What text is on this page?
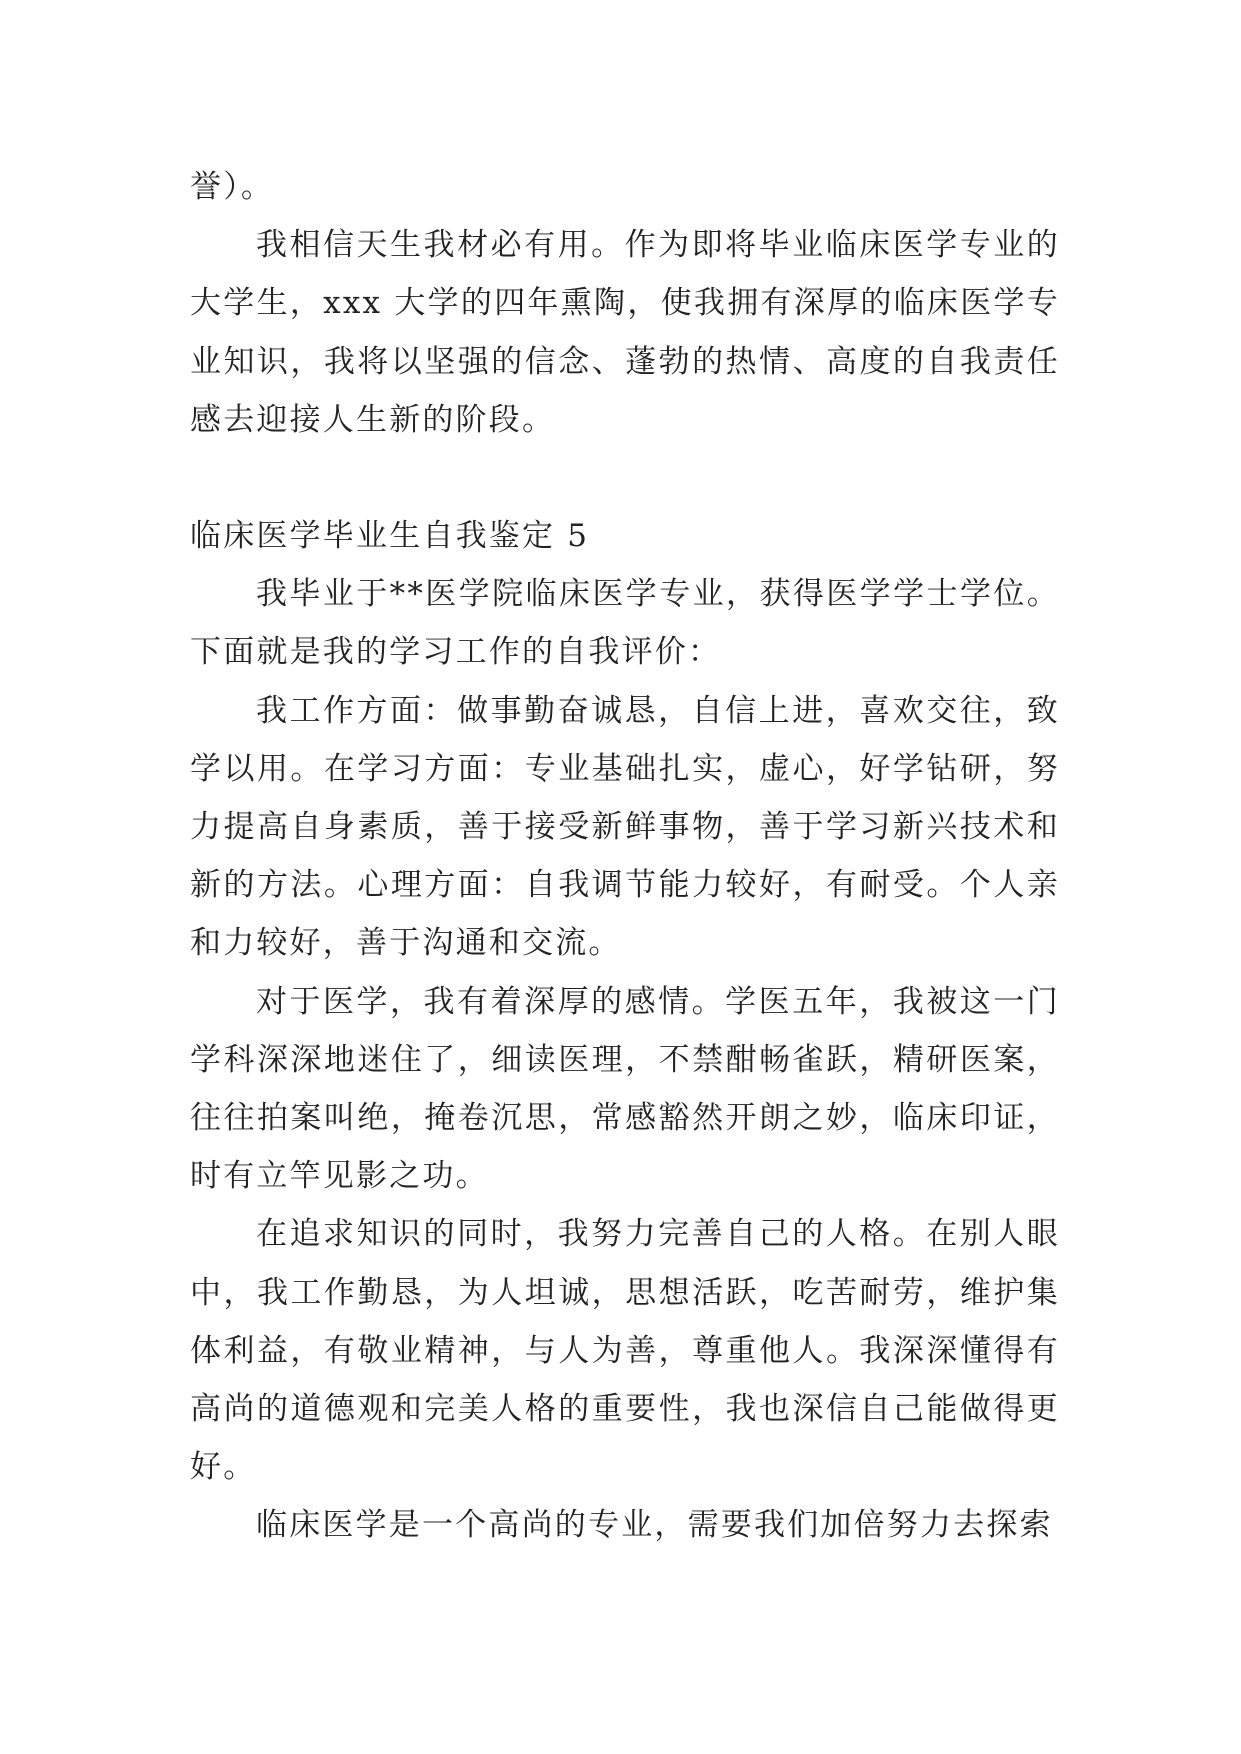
誉）。

我相信天生我材必有用。作为即将毕业临床医学专业的大学生，xxx 大学的四年熏陶，使我拥有深厚的临床医学专业知识，我将以坚强的信念、蓬勃的热情、高度的自我责任感去迎接人生新的阶段。

临床医学毕业生自我鉴定 5

我毕业于**医学院临床医学专业，获得医学学士学位。下面就是我的学习工作的自我评价：

我工作方面：做事勤奋诚恳，自信上进，喜欢交往，致学以用。在学习方面：专业基础扎实，虚心，好学钻研，努力提高自身素质，善于接受新鲜事物，善于学习新兴技术和新的方法。心理方面：自我调节能力较好，有耐受。个人亲和力较好，善于沟通和交流。

对于医学，我有着深厚的感情。学医五年，我被这一门学科深深地迷住了，细读医理，不禁酣畅雀跃，精研医案，往往拍案叫绝，掩卷沉思，常感豁然开朗之妙，临床印证，时有立竿见影之功。

在追求知识的同时，我努力完善自己的人格。在别人眼中，我工作勤恳，为人坦诚，思想活跃，吃苦耐劳，维护集体利益，有敬业精神，与人为善，尊重他人。我深深懂得有高尚的道德观和完美人格的重要性，我也深信自己能做得更好。

临床医学是一个高尚的专业，需要我们加倍努力去探索
